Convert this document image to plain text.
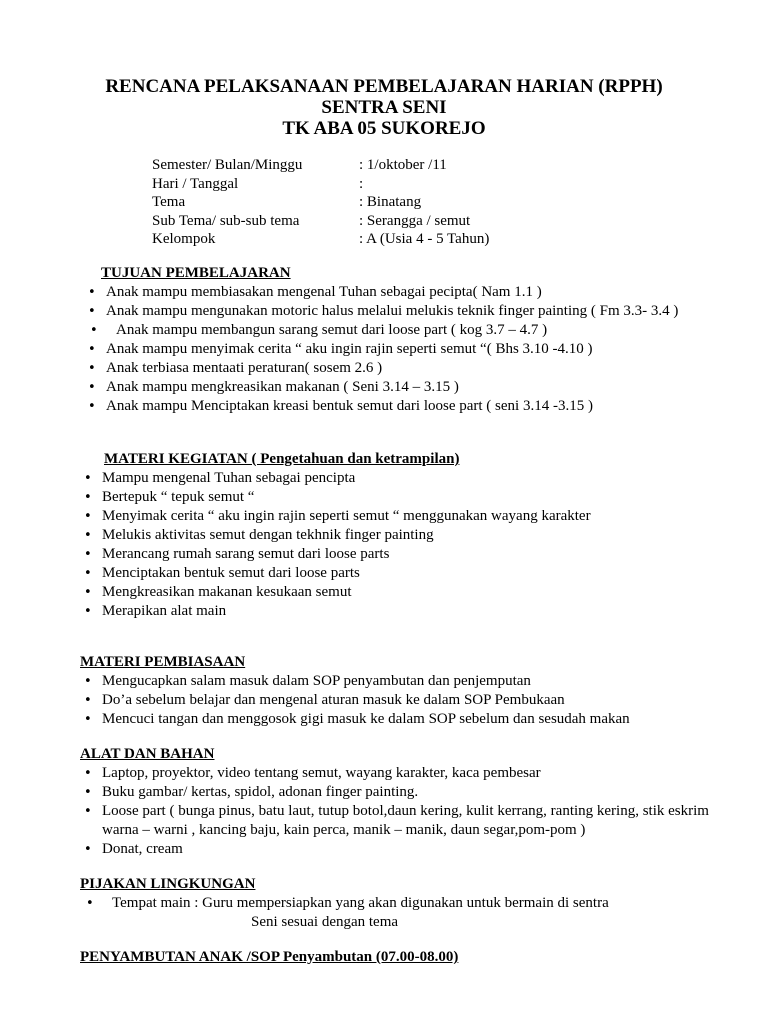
RENCANA PELAKSANAAN PEMBELAJARAN HARIAN (RPPH)
SENTRA SENI
TK ABA 05 SUKOREJO
Semester/ Bulan/Minggu	: 1/oktober /11
Hari / Tanggal	:
Tema	: Binatang
Sub Tema/ sub-sub tema	: Serangga / semut
Kelompok	: A (Usia 4 - 5 Tahun)
TUJUAN PEMBELAJARAN
• Anak mampu membiasakan mengenal Tuhan sebagai pecipta( Nam 1.1 )
• Anak mampu mengunakan motoric halus melalui melukis teknik finger painting ( Fm 3.3- 3.4 )
• Anak mampu membangun sarang semut dari loose part ( kog 3.7 – 4.7 )
• Anak mampu menyimak cerita “ aku ingin rajin seperti semut “( Bhs 3.10 -4.10 )
• Anak terbiasa mentaati peraturan( sosem 2.6 )
• Anak mampu mengkreasikan makanan ( Seni 3.14 – 3.15 )
• Anak mampu Menciptakan kreasi bentuk semut dari loose part ( seni 3.14 -3.15 )
MATERI KEGIATAN ( Pengetahuan dan ketrampilan)
• Mampu mengenal Tuhan sebagai pencipta
• Bertepuk “ tepuk semut “
• Menyimak cerita “ aku ingin rajin seperti semut “ menggunakan wayang karakter
• Melukis aktivitas semut dengan tekhnik finger painting
• Merancang rumah sarang semut dari loose parts
• Menciptakan bentuk semut dari loose parts
• Mengkreasikan makanan kesukaan semut
• Merapikan alat main
MATERI PEMBIASAAN
• Mengucapkan salam masuk dalam SOP penyambutan dan penjemputan
• Do’a sebelum belajar dan mengenal aturan masuk ke dalam SOP Pembukaan
• Mencuci tangan dan menggosok gigi masuk ke dalam SOP sebelum dan sesudah makan
ALAT DAN BAHAN
• Laptop, proyektor, video tentang semut, wayang karakter, kaca pembesar
• Buku gambar/ kertas, spidol, adonan finger painting.
• Loose part ( bunga pinus, batu laut, tutup botol,daun kering, kulit kerrang, ranting kering, stik eskrim warna – warni , kancing baju, kain perca, manik – manik, daun segar,pom-pom )
• Donat, cream
PIJAKAN LINGKUNGAN
• Tempat main : Guru mempersiapkan yang akan digunakan untuk bermain di sentra
Seni sesuai dengan tema
PENYAMBUTAN ANAK /SOP Penyambutan (07.00-08.00)
